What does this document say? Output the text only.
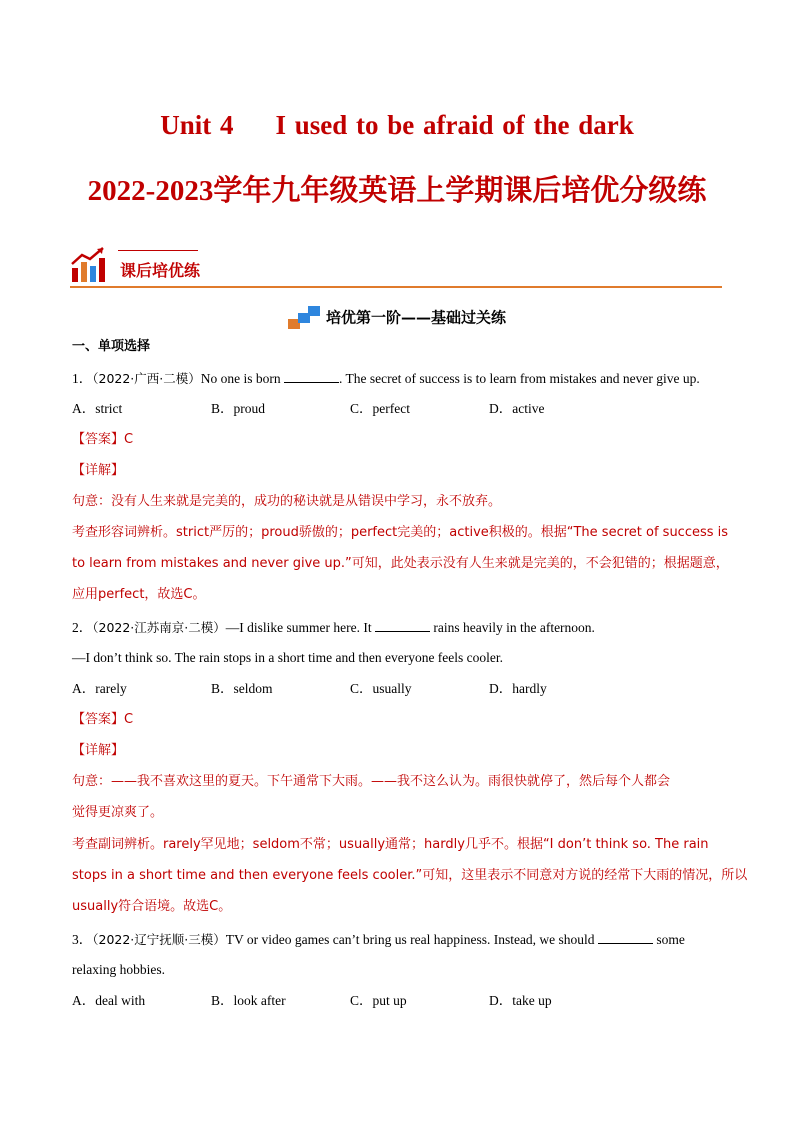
Unit 4 I used to be afraid of the dark
2022-2023学年九年级英语上学期课后培优分级练
课后培优练
培优第一阶——基础过关练
一、单项选择
1．（2022·广西·二模）No one is born	. The secret of success is to learn from mistakes and never give up.
A．strict	B．proud	C．perfect	D．active
【答案】C
【详解】
句意：没有人生来就是完美的，成功的秘诀就是从错误中学习，永不放弃。
考查形容词辨析。strict严厉的；proud骄傲的；perfect完美的；active积极的。根据“The secret of success is
to learn from mistakes and never give up.”可知，此处表示没有人生来就是完美的，不会犯错的；根据题意，
应用perfect，故选C。
2．（2022·江苏南京·二模）—I dislike summer here. It	rains heavily in the afternoon.
—I don’t think so. The rain stops in a short time and then everyone feels cooler.
A．rarely	B．seldom	C．usually	D．hardly
【答案】C
【详解】
句意：——我不喜欢这里的夏天。下午通常下大雨。——我不这么认为。雨很快就停了，然后每个人都会
觉得更凉爽了。
考查副词辨析。rarely罕见地；seldom不常；usually通常；hardly几乎不。根据“I don’t think so. The rain
stops in a short time and then everyone feels cooler.”可知，这里表示不同意对方说的经常下大雨的情况，所以
usually符合语境。故选C。
3．（2022·辽宁抚顺·三模）TV or video games can’t bring us real happiness. Instead, we should	some
relaxing hobbies.
A．deal with	B．look after	C．put up	D．take up
